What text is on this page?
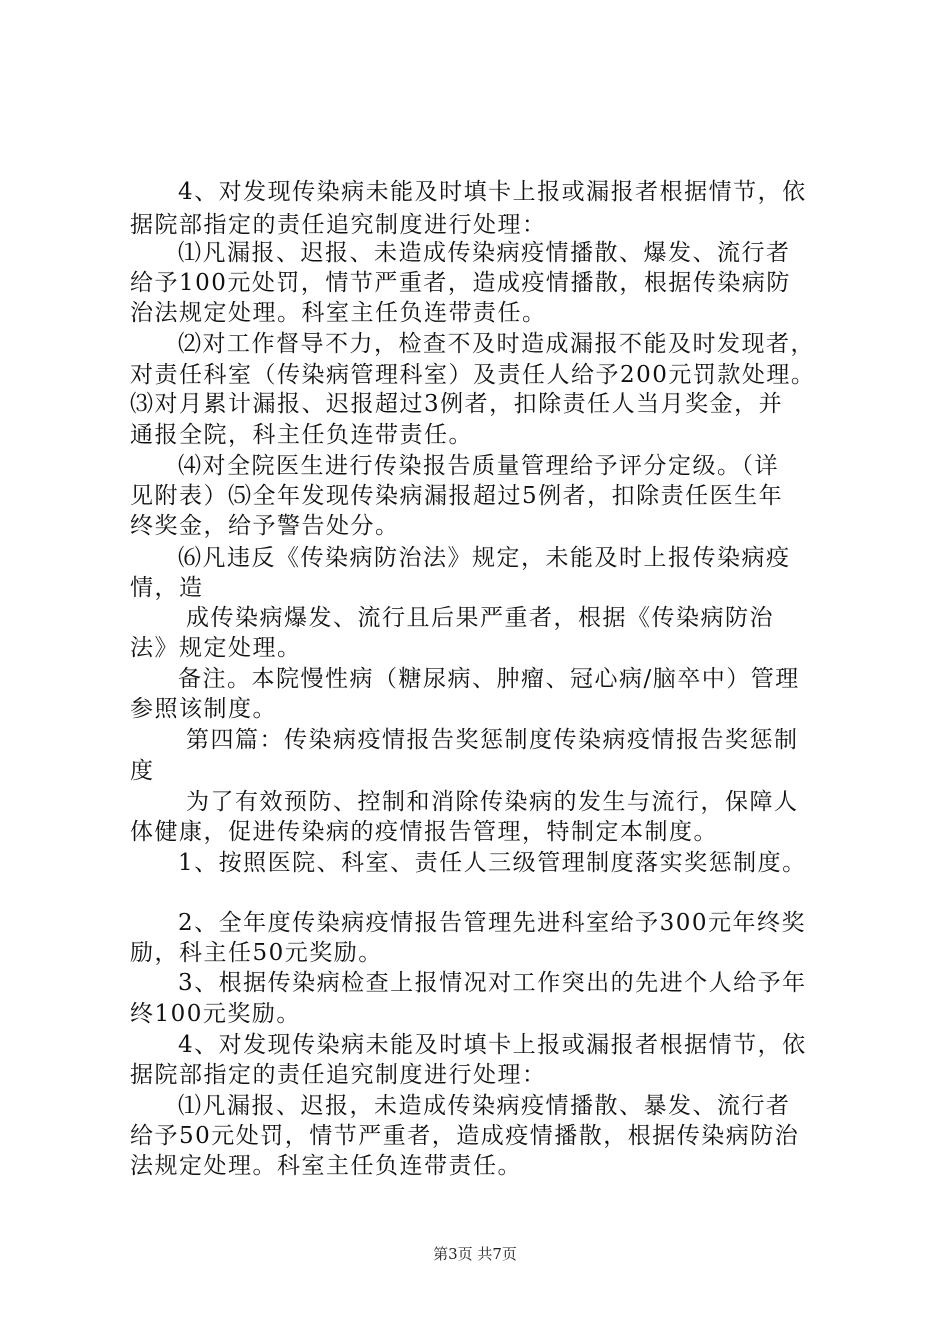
4、对发现传染病未能及时填卡上报或漏报者根据情节，依

据院部指定的责任追究制度进行处理：

⑴凡漏报、迟报、未造成传染病疫情播散、爆发、流行者

给予100元处罚，情节严重者，造成疫情播散，根据传染病防

治法规定处理。科室主任负连带责任。

⑵对工作督导不力，检查不及时造成漏报不能及时发现者，

对责任科室（传染病管理科室）及责任人给予200元罚款处理。

⑶对月累计漏报、迟报超过3例者，扣除责任人当月奖金，并

通报全院，科主任负连带责任。

⑷对全院医生进行传染报告质量管理给予评分定级。（详

见附表）⑸全年发现传染病漏报超过5例者，扣除责任医生年

终奖金，给予警告处分。

⑹凡违反《传染病防治法》规定，未能及时上报传染病疫

情，造

成传染病爆发、流行且后果严重者，根据《传染病防治

法》规定处理。

备注。本院慢性病（糖尿病、肿瘤、冠心病/脑卒中）管理

参照该制度。

第四篇：传染病疫情报告奖惩制度传染病疫情报告奖惩制

度

为了有效预防、控制和消除传染病的发生与流行，保障人

体健康，促进传染病的疫情报告管理，特制定本制度。

1、按照医院、科室、责任人三级管理制度落实奖惩制度。

2、全年度传染病疫情报告管理先进科室给予300元年终奖

励，科主任50元奖励。

3、根据传染病检查上报情况对工作突出的先进个人给予年

终100元奖励。

4、对发现传染病未能及时填卡上报或漏报者根据情节，依

据院部指定的责任追究制度进行处理：

⑴凡漏报、迟报，未造成传染病疫情播散、暴发、流行者

给予50元处罚，情节严重者，造成疫情播散，根据传染病防治

法规定处理。科室主任负连带责任。

第3页 共7页
